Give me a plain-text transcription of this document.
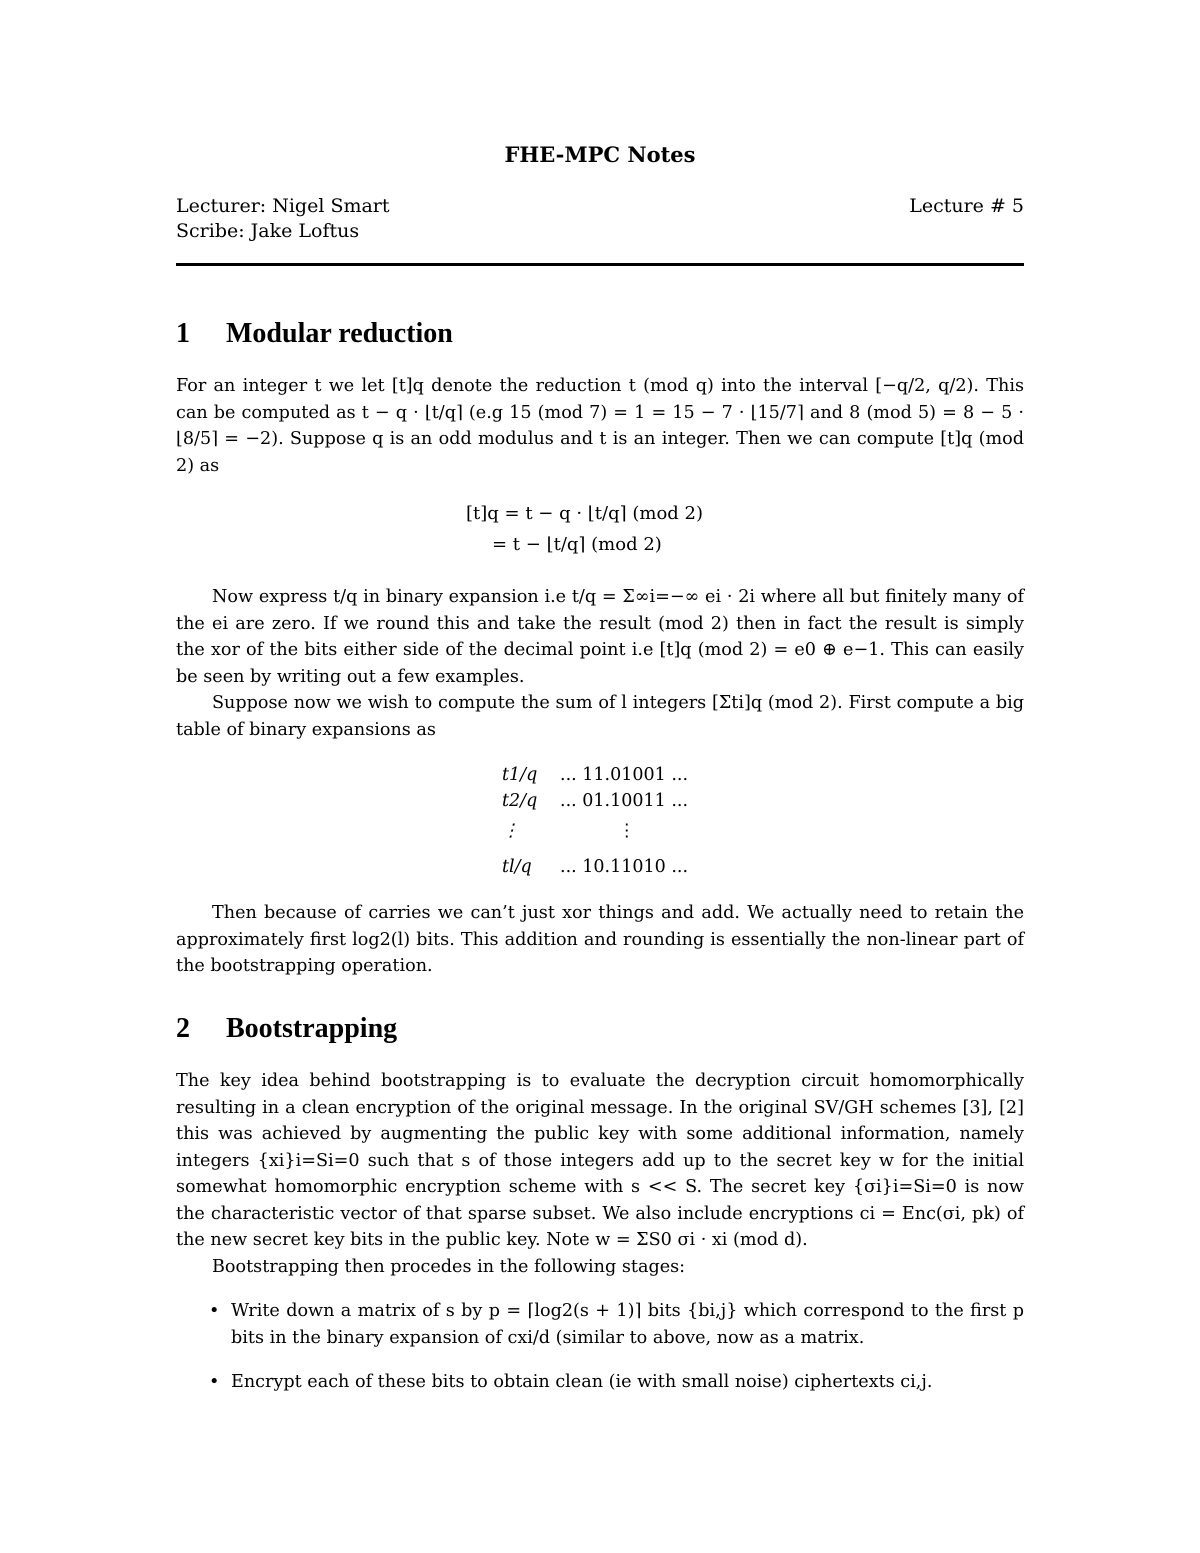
FHE-MPC Notes
Lecturer: Nigel Smart	Lecture # 5
Scribe: Jake Loftus
1 Modular reduction
For an integer t we let [t]q denote the reduction t (mod q) into the interval [−q/2, q/2). This can be computed as t − q · ⌊t/q⌉ (e.g 15 (mod 7) = 1 = 15 − 7 · ⌊15/7⌉ and 8 (mod 5) = 8 − 5 · ⌊8/5⌉ = −2). Suppose q is an odd modulus and t is an integer. Then we can compute [t]q (mod 2) as
[t]q = t − q · ⌊t/q⌉ (mod 2)
= t − ⌊t/q⌉ (mod 2)
Now express t/q in binary expansion i.e t/q = Σ∞i=−∞ ei · 2i where all but finitely many of the ei are zero. If we round this and take the result (mod 2) then in fact the result is simply the xor of the bits either side of the decimal point i.e [t]q (mod 2) = e0 ⊕ e−1. This can easily be seen by writing out a few examples.
Suppose now we wish to compute the sum of l integers [Σti]q (mod 2). First compute a big table of binary expansions as
t1/q ... 11.01001 ...
t2/q ... 01.10011 ...
⋮	⋮
tl/q ... 10.11010 ...
Then because of carries we can’t just xor things and add. We actually need to retain the approximately first log2(l) bits. This addition and rounding is essentially the non-linear part of the bootstrapping operation.
2 Bootstrapping
The key idea behind bootstrapping is to evaluate the decryption circuit homomorphically resulting in a clean encryption of the original message. In the original SV/GH schemes [3], [2] this was achieved by augmenting the public key with some additional information, namely integers {xi}i=Si=0 such that s of those integers add up to the secret key w for the initial somewhat homomorphic encryption scheme with s << S. The secret key {σi}i=Si=0 is now the characteristic vector of that sparse subset. We also include encryptions ci = Enc(σi, pk) of the new secret key bits in the public key. Note w = ΣS0 σi · xi (mod d).
Bootstrapping then procedes in the following stages:
• Write down a matrix of s by p = ⌈log2(s + 1)⌉ bits {bi,j} which correspond to the first p bits in the binary expansion of cxi/d (similar to above, now as a matrix.
• Encrypt each of these bits to obtain clean (ie with small noise) ciphertexts ci,j.
